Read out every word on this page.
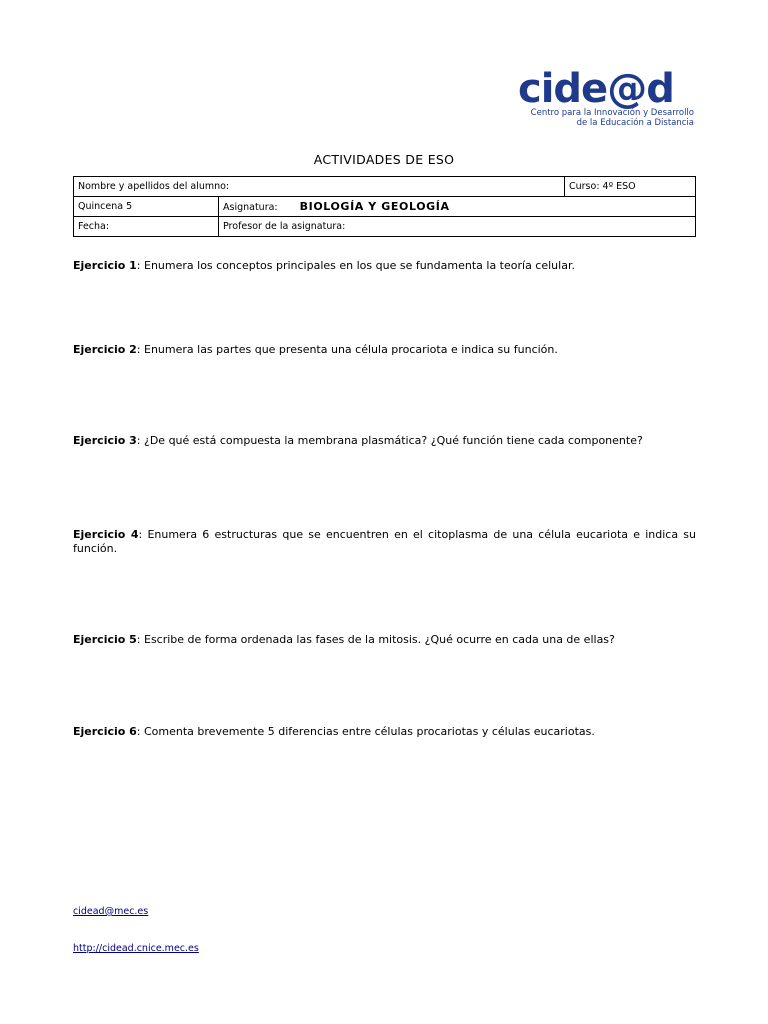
cide@d
Centro para la Innovación y Desarrollo
de la Educación a Distancia
ACTIVIDADES DE ESO
Nombre y apellidos del alumno:		Curso: 4º ESO
Quincena 5	Asignatura: BIOLOGÍA Y GEOLOGÍA	
Fecha:	Profesor de la asignatura:	
Ejercicio 1: Enumera los conceptos principales en los que se fundamenta la teoría celular.
Ejercicio 2: Enumera las partes que presenta una célula procariota e indica su función.
Ejercicio 3: ¿De qué está compuesta la membrana plasmática? ¿Qué función tiene cada componente?
Ejercicio 4: Enumera 6 estructuras que se encuentren en el citoplasma de una célula eucariota e indica su función.
Ejercicio 5: Escribe de forma ordenada las fases de la mitosis. ¿Qué ocurre en cada una de ellas?
Ejercicio 6: Comenta brevemente 5 diferencias entre células procariotas y células eucariotas.
cidead@mec.es
http://cidead.cnice.mec.es
